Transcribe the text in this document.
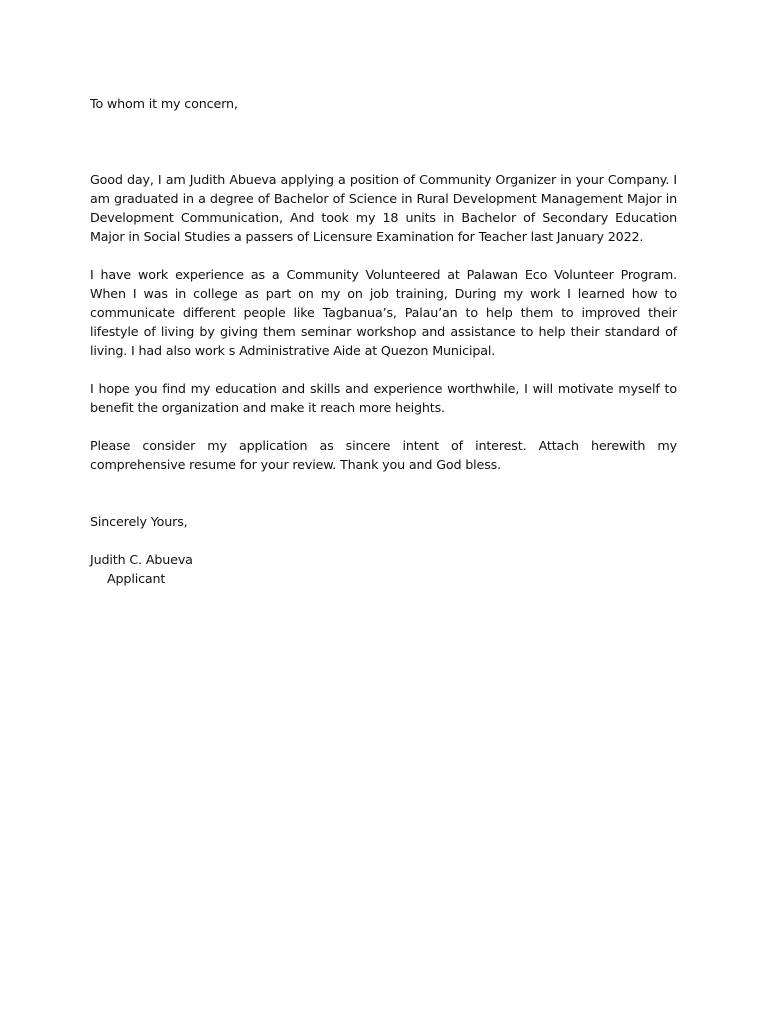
To whom it my concern,

Good day, I am Judith Abueva applying a position of Community Organizer in your Company. I am graduated in a degree of Bachelor of Science in Rural Development Management Major in Development Communication, And took my 18 units in Bachelor of Secondary Education Major in Social Studies a passers of Licensure Examination for Teacher last January 2022.

I have work experience as a Community Volunteered at Palawan Eco Volunteer Program. When I was in college as part on my on job training, During my work I learned how to communicate different people like Tagbanua’s, Palau’an to help them to improved their lifestyle of living by giving them seminar workshop and assistance to help their standard of living. I had also work s Administrative Aide at Quezon Municipal.

I hope you find my education and skills and experience worthwhile, I will motivate myself to benefit the organization and make it reach more heights.

Please consider my application as sincere intent of interest. Attach herewith my comprehensive resume for your review. Thank you and God bless.

Sincerely Yours,

Judith C. Abueva
Applicant
